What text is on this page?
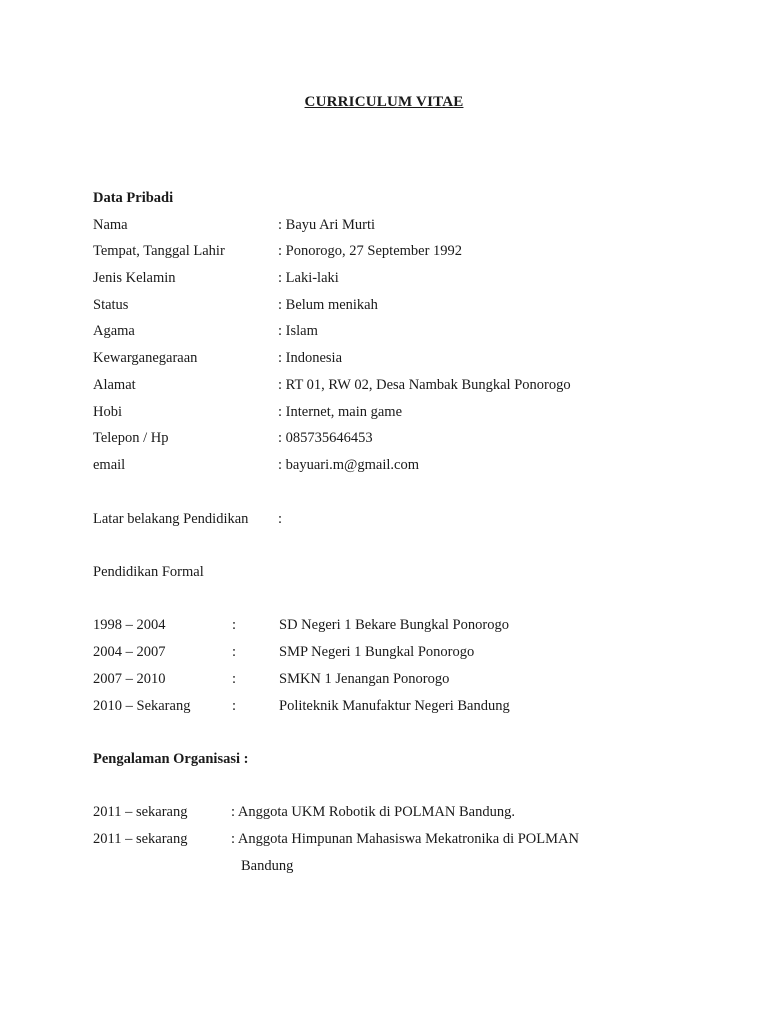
CURRICULUM VITAE
Data Pribadi
Nama	: Bayu Ari Murti
Tempat, Tanggal Lahir	: Ponorogo, 27 September 1992
Jenis Kelamin	: Laki-laki
Status	: Belum menikah
Agama	: Islam
Kewarganegaraan	: Indonesia
Alamat	: RT 01, RW 02, Desa Nambak Bungkal Ponorogo
Hobi	: Internet, main game
Telepon / Hp	: 085735646453
email	: bayuari.m@gmail.com
Latar belakang Pendidikan :
Pendidikan Formal
1998 – 2004	:	SD Negeri 1 Bekare Bungkal Ponorogo
2004 – 2007	:	SMP Negeri 1 Bungkal Ponorogo
2007 – 2010	:	SMKN 1 Jenangan Ponorogo
2010 – Sekarang	:	Politeknik Manufaktur Negeri Bandung
Pengalaman Organisasi :
2011 – sekarang	: Anggota UKM Robotik di POLMAN Bandung.
2011 – sekarang	: Anggota Himpunan Mahasiswa Mekatronika di POLMAN
Bandung
